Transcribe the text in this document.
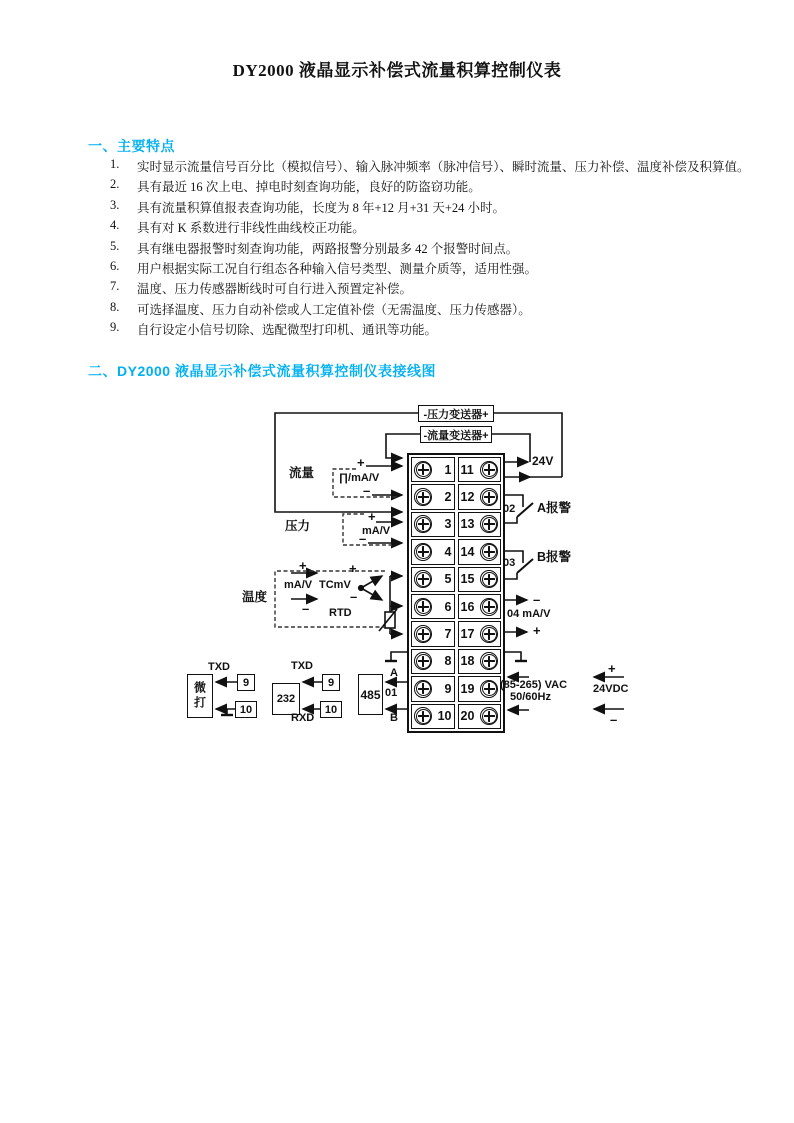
DY2000 液晶显示补偿式流量积算控制仪表
一、主要特点
1.	实时显示流量信号百分比（模拟信号）、输入脉冲频率（脉冲信号）、瞬时流量、压力补偿、温度补偿及积算值。
2.	具有最近 16 次上电、掉电时刻查询功能，良好的防盗窃功能。
3.	具有流量积算值报表查询功能，长度为 8 年+12 月+31 天+24 小时。
4.	具有对 K 系数进行非线性曲线校正功能。
5.	具有继电器报警时刻查询功能，两路报警分别最多 42 个报警时间点。
6.	用户根据实际工况自行组态各种输入信号类型、测量介质等，适用性强。
7.	温度、压力传感器断线时可自行进入预置定补偿。
8.	可选择温度、压力自动补偿或人工定值补偿（无需温度、压力传感器）。
9.	自行设定小信号切除、选配微型打印机、通讯等功能。
二、DY2000 液晶显示补偿式流量积算控制仪表接线图
-压力变送器+
-流量变送器+
1 11
2 12
3 13
4 14
5 15
6 16
7 17
8 18
9 19
10 20
流量 ∏/mA/V
+
–
压力	mA/V
+
–
温度
+
mA/V
–
TCmV
+
–
RTD
微打
TXD
9
10
232
TXD
RXD
9
10
485
A
01
B
24V
02 A报警
03 B报警
–
04 mA/V
+
(85-265) VAC
50/60Hz
+
24VDC
–
